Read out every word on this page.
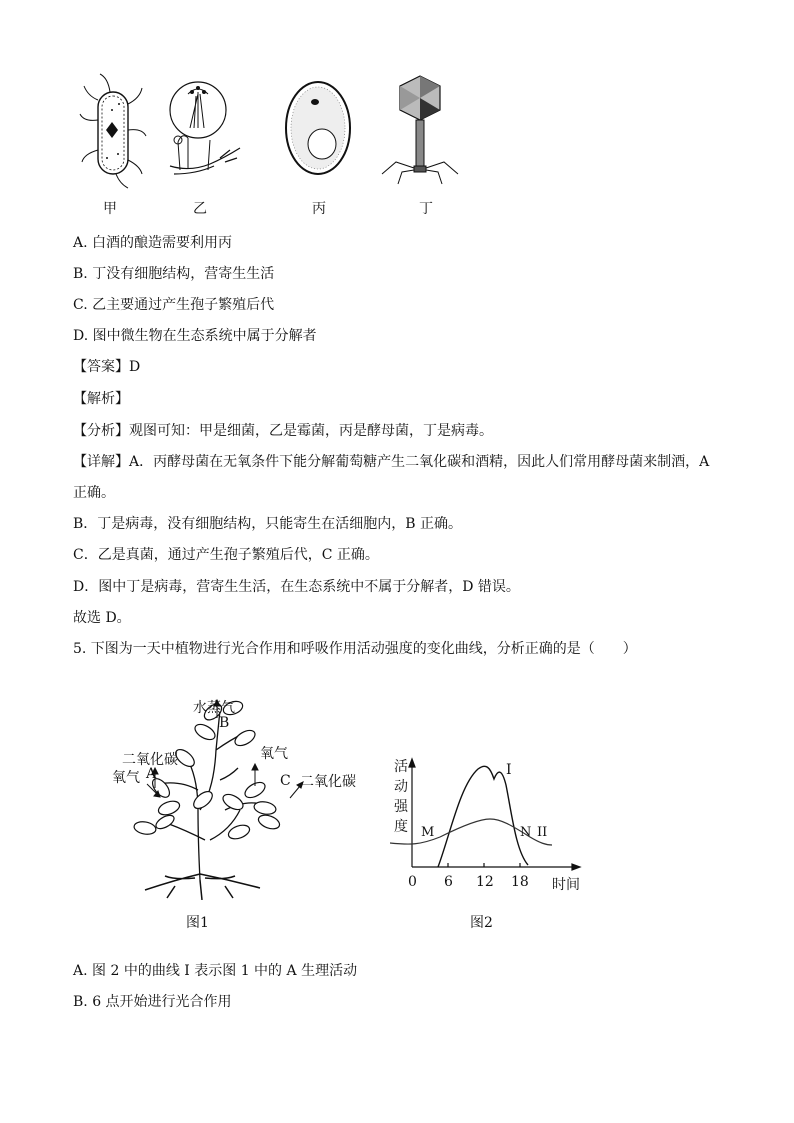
甲	乙	丙	丁
A. 白酒的酿造需要利用丙
B. 丁没有细胞结构，营寄生生活
C. 乙主要通过产生孢子繁殖后代
D. 图中微生物在生态系统中属于分解者
【答案】D
【解析】
【分析】观图可知：甲是细菌，乙是霉菌，丙是酵母菌，丁是病毒。
【详解】A．丙酵母菌在无氧条件下能分解葡萄糖产生二氧化碳和酒精，因此人们常用酵母菌来制酒，A
正确。
B．丁是病毒，没有细胞结构，只能寄生在活细胞内，B 正确。
C．乙是真菌，通过产生孢子繁殖后代，C 正确。
D．图中丁是病毒，营寄生生活，在生态系统中不属于分解者，D 错误。
故选 D。
5. 下图为一天中植物进行光合作用和呼吸作用活动强度的变化曲线，分析正确的是（　　）
水蒸气
B
二氧化碳
氧气 A
氧气
C 二氧化碳
图1
活
动
强
度 M	N II
I
0 6 12 18 时间
图2
A. 图 2 中的曲线 I 表示图 1 中的 A 生理活动
B. 6 点开始进行光合作用
